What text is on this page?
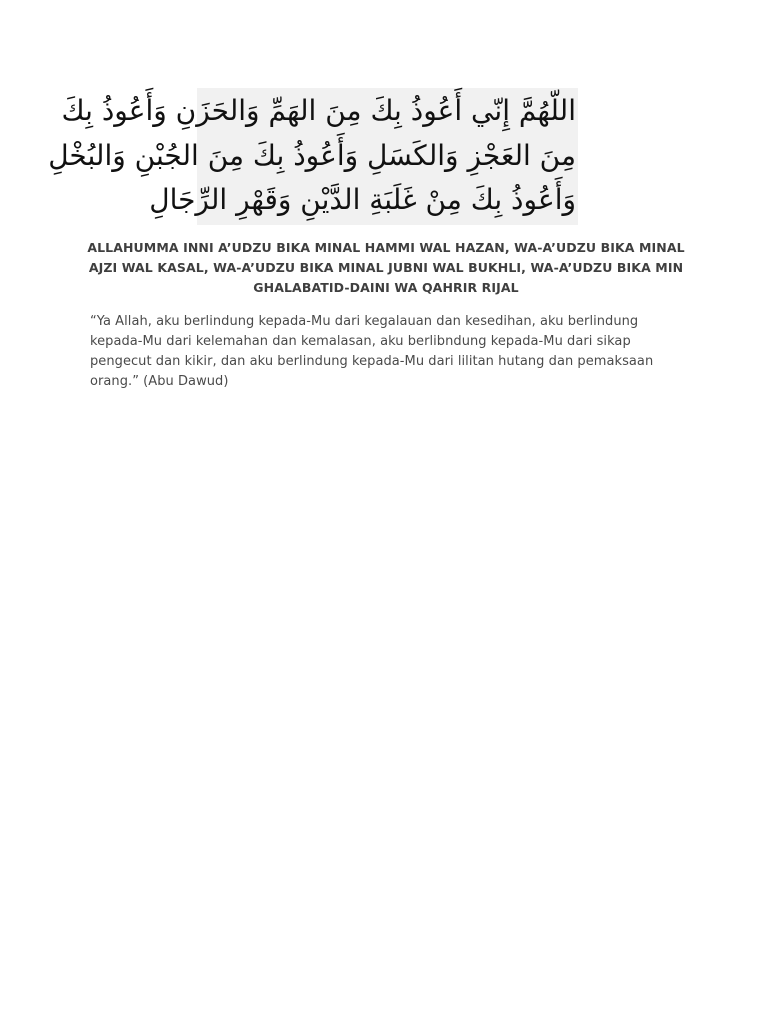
اللّهُمَّ إِنّي أَعُوذُ بِكَ مِنَ الهَمِّ وَالحَزَنِ وَأَعُوذُ بِكَ
مِنَ العَجْزِ وَالكَسَلِ وَأَعُوذُ بِكَ مِنَ الجُبْنِ وَالبُخْلِ
وَأَعُوذُ بِكَ مِنْ غَلَبَةِ الدَّيْنِ وَقَهْرِ الرِّجَالِ
ALLAHUMMA INNI A’UDZU BIKA MINAL HAMMI WAL HAZAN, WA-A’UDZU BIKA MINAL AJZI WAL KASAL, WA-A’UDZU BIKA MINAL JUBNI WAL BUKHLI, WA-A’UDZU BIKA MIN GHALABATID-DAINI WA QAHRIR RIJAL
“Ya Allah, aku berlindung kepada-Mu dari kegalauan dan kesedihan, aku berlindung kepada-Mu dari kelemahan dan kemalasan, aku berlibndung kepada-Mu dari sikap pengecut dan kikir, dan aku berlindung kepada-Mu dari lilitan hutang dan pemaksaan orang.” (Abu Dawud)
